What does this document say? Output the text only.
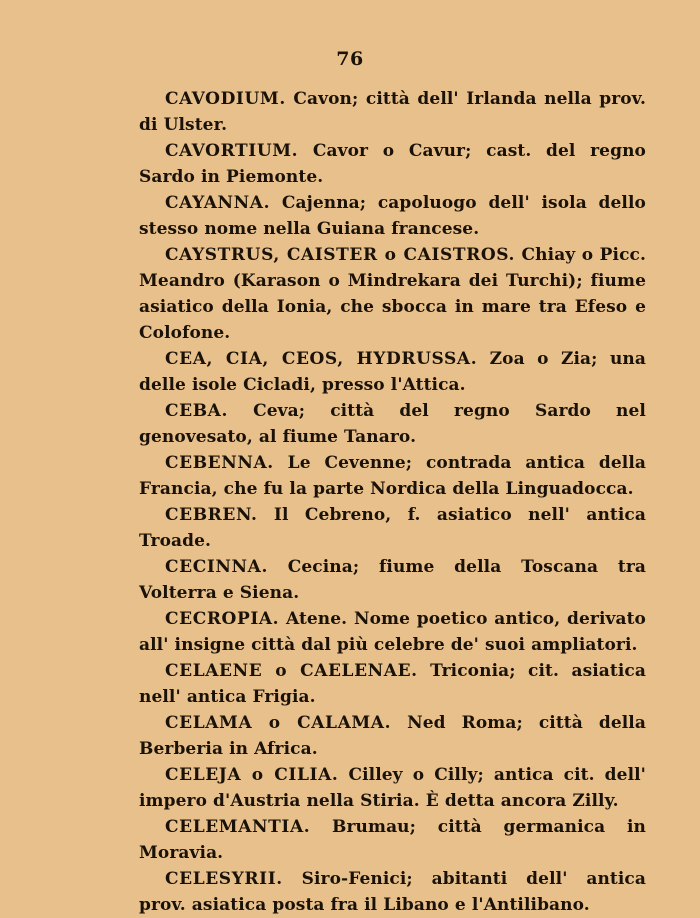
76

CAVODIUM. Cavon; città dell' Irlanda nella prov. di Ulster.

CAVORTIUM. Cavor o Cavur; cast. del regno Sardo in Piemonte.

CAYANNA. Cajenna; capoluogo dell' isola dello stesso nome nella Guiana francese.

CAYSTRUS, CAISTER o CAISTROS. Chiay o Picc. Meandro (Karason o Mindrekara dei Turchi); fiume asiatico della Ionia, che sbocca in mare tra Efeso e Colofone.

CEA, CIA, CEOS, HYDRUSSA. Zoa o Zia; una delle isole Cicladi, presso l'Attica.

CEBA. Ceva; città del regno Sardo nel genovesato, al fiume Tanaro.

CEBENNA. Le Cevenne; contrada antica della Francia, che fu la parte Nordica della Linguadocca.

CEBREN. Il Cebreno, f. asiatico nell' antica Troade.

CECINNA. Cecina; fiume della Toscana tra Volterra e Siena.

CECROPIA. Atene. Nome poetico antico, derivato all' insigne città dal più celebre de' suoi ampliatori.

CELAENE o CAELENAE. Triconia; cit. asiatica nell' antica Frigia.

CELAMA o CALAMA. Ned Roma; città della Berberia in Africa.

CELEJA o CILIA. Cilley o Cilly; antica cit. dell' impero d'Austria nella Stiria. È detta ancora Zilly.

CELEMANTIA. Brumau; città germanica in Moravia.

CELESYRII. Siro-Fenici; abitanti dell' antica prov. asiatica posta fra il Libano e l'Antilibano.
